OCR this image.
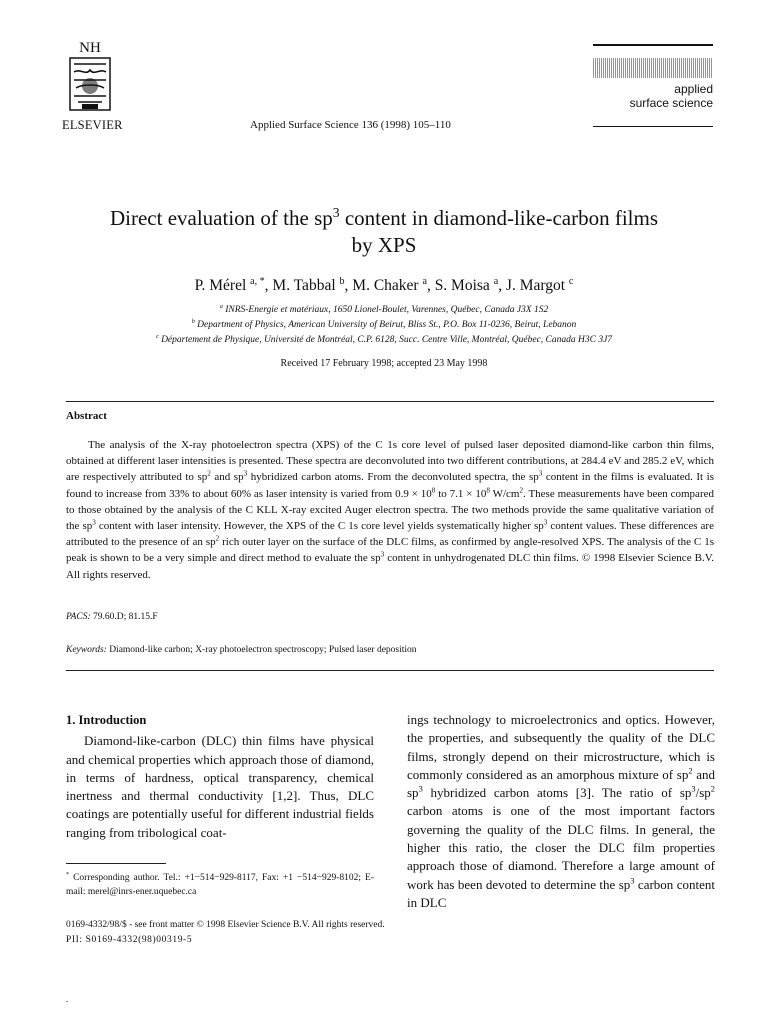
NH
ELSEVIER	Applied Surface Science 136 (1998) 105–110
applied
surface science
Direct evaluation of the $sp^3$ content in diamond-like-carbon films
by XPS
P. Mérel $^{a, *}$, M. Tabbal $^b$, M. Chaker $^a$, S. Moisa $^a$, J. Margot $^c$
$^a$ INRS-Energie et matériaux, 1650 Lionel-Boulet, Varennes, Québec, Canada J3X 1S2
$^b$ Department of Physics, American University of Beirut, Bliss St., P.O. Box 11-0236, Beirut, Lebanon
$^c$ Département de Physique, Université de Montréal, C.P. 6128, Succ. Centre Ville, Montréal, Québec, Canada H3C 3J7
Received 17 February 1998; accepted 23 May 1998
Abstract

The analysis of the X-ray photoelectron spectra (XPS) of the C 1s core level of pulsed laser deposited diamond-like carbon thin films, obtained at different laser intensities is presented. These spectra are deconvoluted into two different contributions, at 284.4 eV and 285.2 eV, which are respectively attributed to $sp^2$ and $sp^3$ hybridized carbon atoms. From the deconvoluted spectra, the $sp^3$ content in the films is evaluated. It is found to increase from 33% to about 60% as laser intensity is varied from $0.9 \times 10^8$ to $7.1 \times 10^8$ $W/cm^2$. These measurements have been compared to those obtained by the analysis of the C KLL X-ray excited Auger electron spectra. The two methods provide the same qualitative variation of the $sp^3$ content with laser intensity. However, the XPS of the C 1s core level yields systematically higher $sp^3$ content values. These differences are attributed to the presence of an $sp^2$ rich outer layer on the surface of the DLC films, as confirmed by angle-resolved XPS. The analysis of the C 1s peak is shown to be a very simple and direct method to evaluate the $sp^3$ content in unhydrogenated DLC thin films. © 1998 Elsevier Science B.V. All rights reserved.

PACS: 79.60.D; 81.15.F
Keywords: Diamond-like carbon; X-ray photoelectron spectroscopy; Pulsed laser deposition
1. Introduction

Diamond-like-carbon (DLC) thin films have physical and chemical properties which approach those of diamond, in terms of hardness, optical transparency, chemical inertness and thermal conductivity [1,2]. Thus, DLC coatings are potentially useful for different industrial fields ranging from tribological coat-

ings technology to microelectronics and optics. However, the properties, and subsequently the quality of the DLC films, strongly depend on their microstructure, which is commonly considered as an amorphous mixture of $sp^2$ and $sp^3$ hybridized carbon atoms [3]. The ratio of $sp^3/sp^2$ carbon atoms is one of the most important factors governing the quality of the DLC films. In general, the higher this ratio, the closer the DLC film properties approach those of diamond. Therefore a large amount of work has been devoted to determine the $sp^3$ carbon content in DLC

* Corresponding author. Tel.: +1−514−929-8117, Fax: +1 −514−929-8102; E-mail: merel@inrs-ener.uquebec.ca
0169-4332/98/$ - see front matter © 1998 Elsevier Science B.V. All rights reserved.
PII: S0169-4332(98)00319-5
.
